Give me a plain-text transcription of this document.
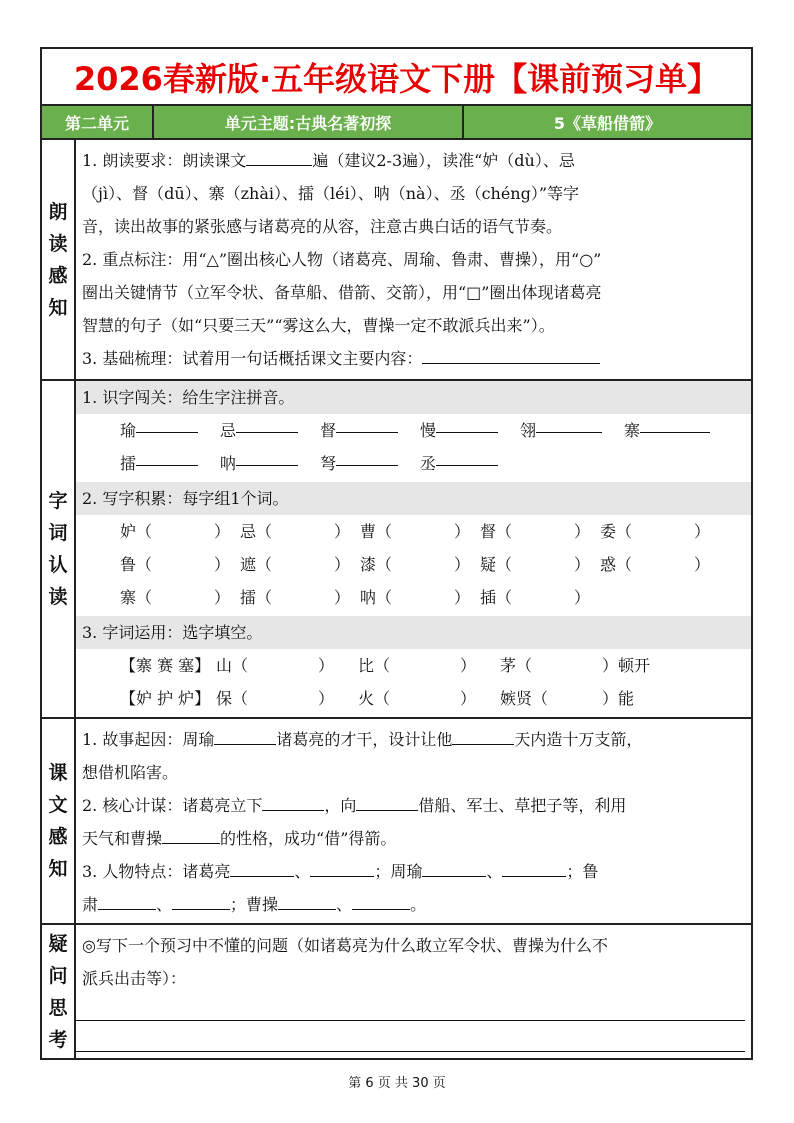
2026春新版·五年级语文下册【课前预习单】
第二单元	单元主题:古典名著初探	5《草船借箭》
朗
读
感
知
1. 朗读要求：朗读课文	遍（建议2-3遍），读准“妒（dù）、忌
（jì）、督（dū）、寨（zhài）、擂（léi）、呐（nà）、丞（chéng）”等字
音，读出故事的紧张感与诸葛亮的从容，注意古典白话的语气节奏。
2. 重点标注：用“△”圈出核心人物（诸葛亮、周瑜、鲁肃、曹操），用“○”
圈出关键情节（立军令状、备草船、借箭、交箭），用“□”圈出体现诸葛亮
智慧的句子（如“只要三天”“雾这么大，曹操一定不敢派兵出来”）。
3. 基础梳理：试着用一句话概括课文主要内容：
字
词
认
读
1. 识字闯关：给生字注拼音。
瑜	忌	督	慢	翎	寨
擂	呐	弩	丞
2. 写字积累：每字组1个词。
妒 （	） 忌 （	） 曹 （	） 督 （	） 委 （	）
鲁 （	） 遮 （	） 漆 （	） 疑 （	） 惑 （	）
寨 （	） 擂 （	） 呐 （	） 插 （	）
3. 字词运用：选字填空。
【寨 赛 塞】 山（	）	比（	）	茅（	）顿开
【妒 护 炉】 保（	）	火（	）	嫉贤（	）能
课
文
感
知
1. 故事起因：周瑜	诸葛亮的才干，设计让他	天内造十万支箭，
想借机陷害。
2. 核心计谋：诸葛亮立下	，向	借船、军士、草把子等，利用
天气和曹操	的性格，成功“借”得箭。
3. 人物特点：诸葛亮	、	；周瑜	、	；鲁
肃	、	；曹操	、	。
疑
问
思
考
◎写下一个预习中不懂的问题（如诸葛亮为什么敢立军令状、曹操为什么不
派兵出击等）：
第 6 页 共 30 页
